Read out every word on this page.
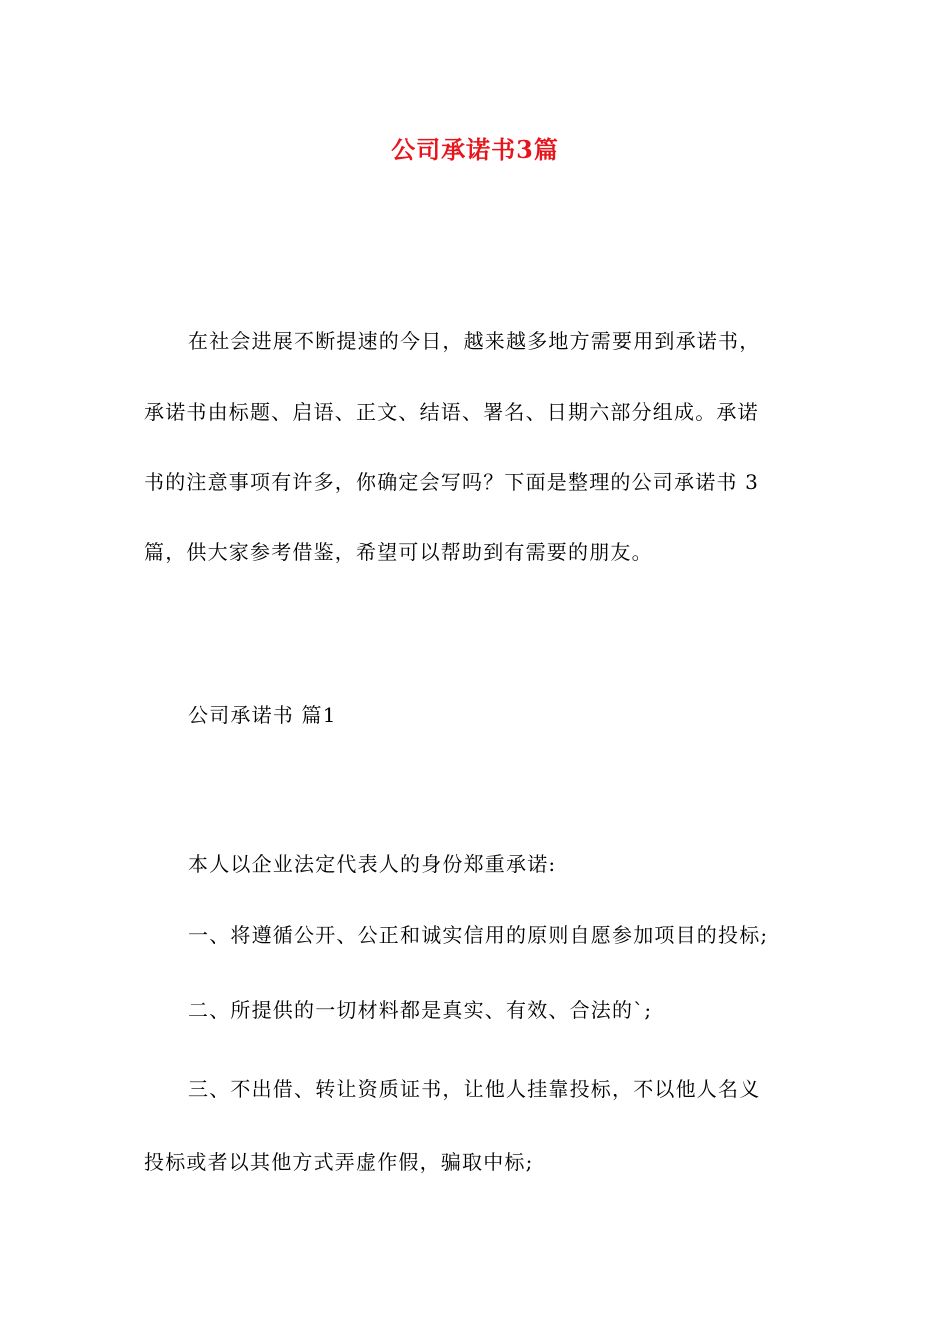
公司承诺书3篇
在社会进展不断提速的今日，越来越多地方需要用到承诺书，
承诺书由标题、启语、正文、结语、署名、日期六部分组成。承诺
书的注意事项有许多，你确定会写吗？下面是整理的公司承诺书 3
篇，供大家参考借鉴，希望可以帮助到有需要的朋友。
公司承诺书 篇1
本人以企业法定代表人的身份郑重承诺:
一、将遵循公开、公正和诚实信用的原则自愿参加项目的投标;
二、所提供的一切材料都是真实、有效、合法的`;
三、不出借、转让资质证书，让他人挂靠投标，不以他人名义
投标或者以其他方式弄虚作假，骗取中标;
